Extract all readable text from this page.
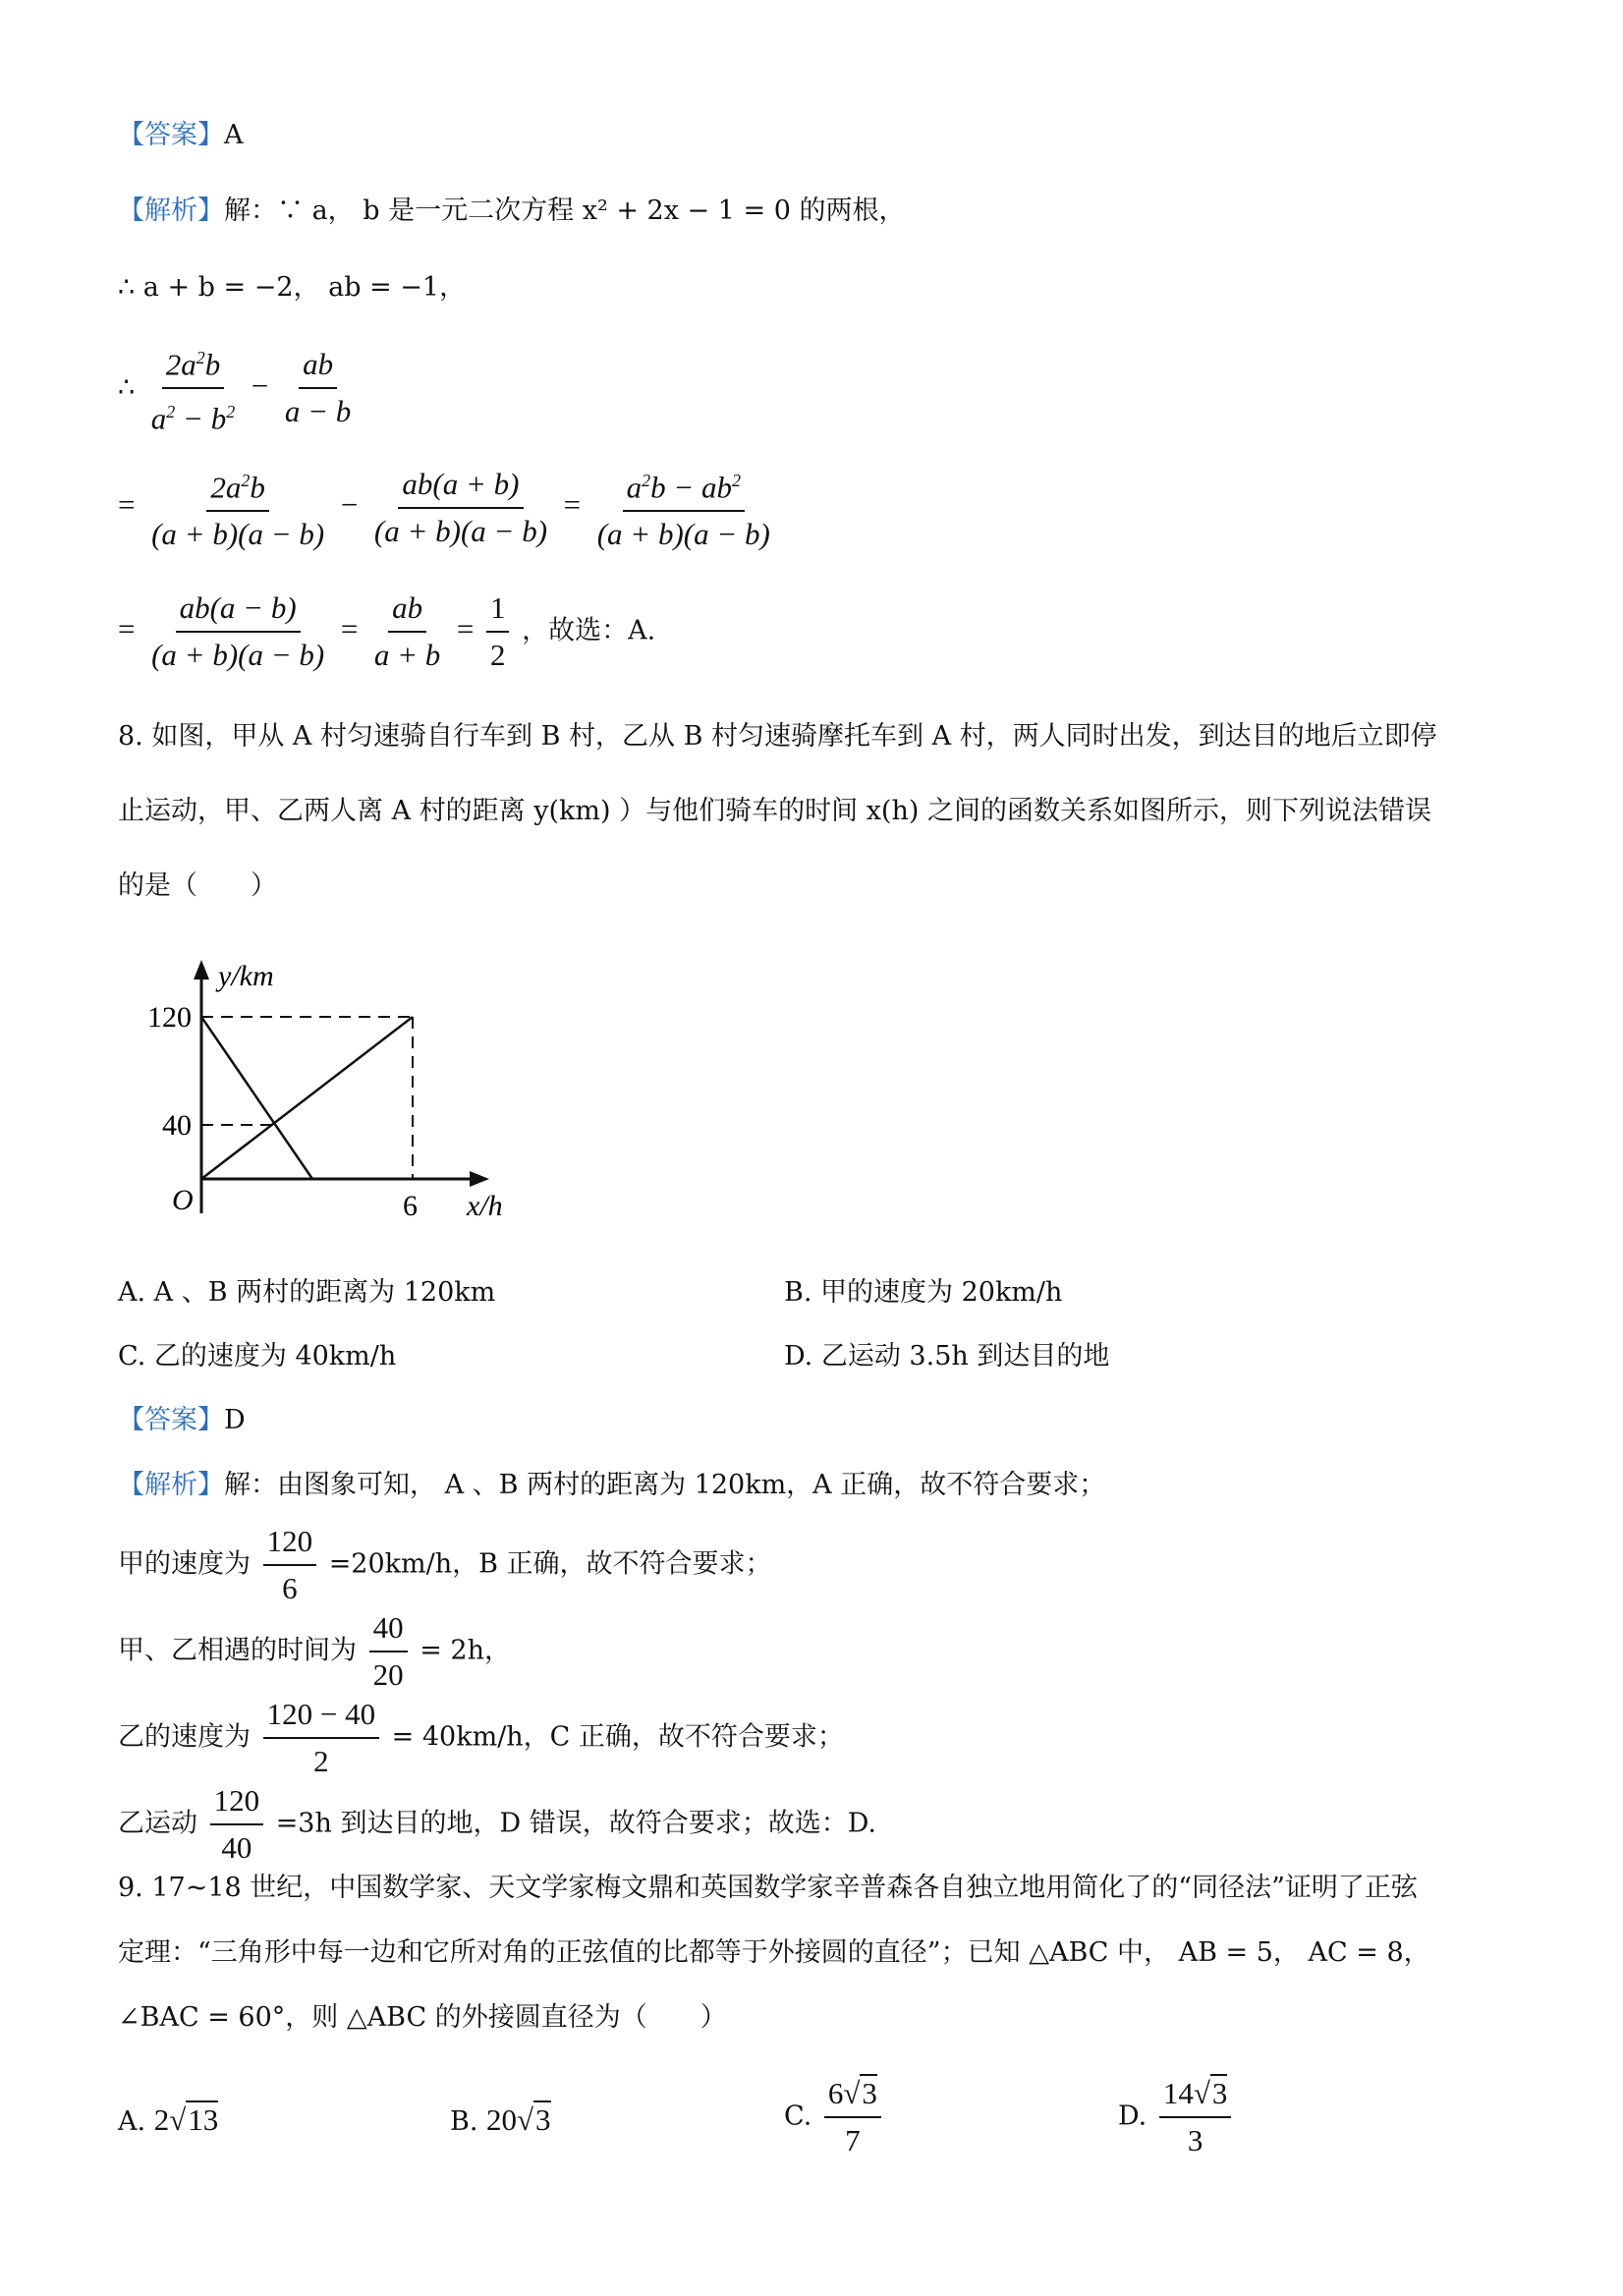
【答案】A
【解析】解：∵ a， b 是一元二次方程 x² + 2x − 1 = 0 的两根，
∴ a + b = −2， ab = −1，
∴ $\frac{2a^2b}{a^2 - b^2} - \frac{ab}{a - b}$
= $\frac{2a^2b}{(a + b)(a - b)} - \frac{ab(a + b)}{(a + b)(a - b)} = \frac{a^2b - ab^2}{(a + b)(a - b)}$
= $\frac{ab(a - b)}{(a + b)(a - b)} = \frac{ab}{a + b} = \frac{1}{2}$ ，故选：A.
8. 如图，甲从 A 村匀速骑自行车到 B 村，乙从 B 村匀速骑摩托车到 A 村，两人同时出发，到达目的地后立即停
止运动，甲、乙两人离 A 村的距离 y(km) ）与他们骑车的时间 x(h) 之间的函数关系如图所示，则下列说法错误
的是（　　）
y/km
120
40
O	6 x/h
A. A 、B 两村的距离为 120km	B. 甲的速度为 20km/h
C. 乙的速度为 40km/h	D. 乙运动 3.5h 到达目的地
【答案】D
【解析】解：由图象可知， A 、B 两村的距离为 120km，A 正确，故不符合要求；
甲的速度为 $\frac{120}{6} =20km/h$，B 正确，故不符合要求；
甲、乙相遇的时间为 $\frac{40}{20} = 2h$，
乙的速度为 $\frac{120 - 40}{2} = 40km/h$，C 正确，故不符合要求；
乙运动 $\frac{120}{40} =3h$ 到达目的地，D 错误，故符合要求；故选：D.
9. 17~18 世纪，中国数学家、天文学家梅文鼎和英国数学家辛普森各自独立地用简化了的“同径法”证明了正弦
定理：“三角形中每一边和它所对角的正弦值的比都等于外接圆的直径”；已知 △ABC 中， AB = 5， AC = 8，
∠BAC = 60°，则 △ABC 的外接圆直径为（　　）
A. 2√13	B. 20√3	C. $\frac{6√3}{7}$	D. $\frac{14√3}{3}$
